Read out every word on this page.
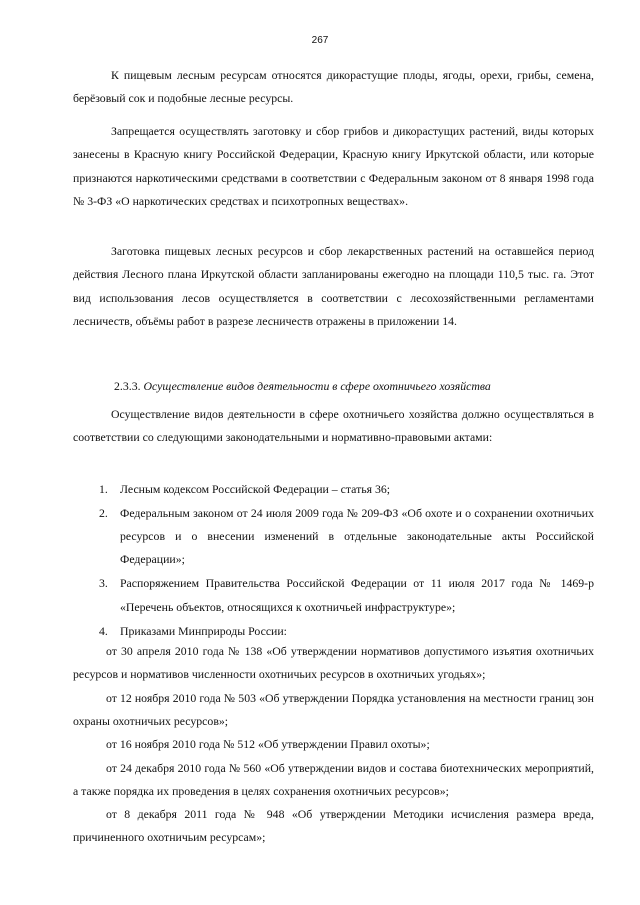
267

К пищевым лесным ресурсам относятся дикорастущие плоды, ягоды, орехи, грибы, семена, берёзовый сок и подобные лесные ресурсы.

Запрещается осуществлять заготовку и сбор грибов и дикорастущих растений, виды которых занесены в Красную книгу Российской Федерации, Красную книгу Иркутской области, или которые признаются наркотическими средствами в соответствии с Федеральным законом от 8 января 1998 года № 3-ФЗ «О наркотических средствах и психотропных веществах».

Заготовка пищевых лесных ресурсов и сбор лекарственных растений на оставшейся период действия Лесного плана Иркутской области запланированы ежегодно на площади 110,5 тыс. га. Этот вид использования лесов осуществляется в соответствии с лесохозяйственными регламентами лесничеств, объёмы работ в разрезе лесничеств отражены в приложении 14.

2.3.3. Осуществление видов деятельности в сфере охотничьего хозяйства

Осуществление видов деятельности в сфере охотничьего хозяйства должно осуществляться в соответствии со следующими законодательными и нормативно-правовыми актами:

1. Лесным кодексом Российской Федерации – статья 36;
2. Федеральным законом от 24 июля 2009 года № 209-ФЗ «Об охоте и о сохранении охотничьих ресурсов и о внесении изменений в отдельные законодательные акты Российской Федерации»;
3. Распоряжением Правительства Российской Федерации от 11 июля 2017 года № 1469-р «Перечень объектов, относящихся к охотничьей инфраструктуре»;
4. Приказами Минприроды России:

от 30 апреля 2010 года № 138 «Об утверждении нормативов допустимого изъятия охотничьих ресурсов и нормативов численности охотничьих ресурсов в охотничьих угодьях»;

от 12 ноября 2010 года № 503 «Об утверждении Порядка установления на местности границ зон охраны охотничьих ресурсов»;

от 16 ноября 2010 года № 512 «Об утверждении Правил охоты»;

от 24 декабря 2010 года № 560 «Об утверждении видов и состава биотехнических мероприятий, а также порядка их проведения в целях сохранения охотничьих ресурсов»;

от 8 декабря 2011 года № 948 «Об утверждении Методики исчисления размера вреда, причиненного охотничьим ресурсам»;
